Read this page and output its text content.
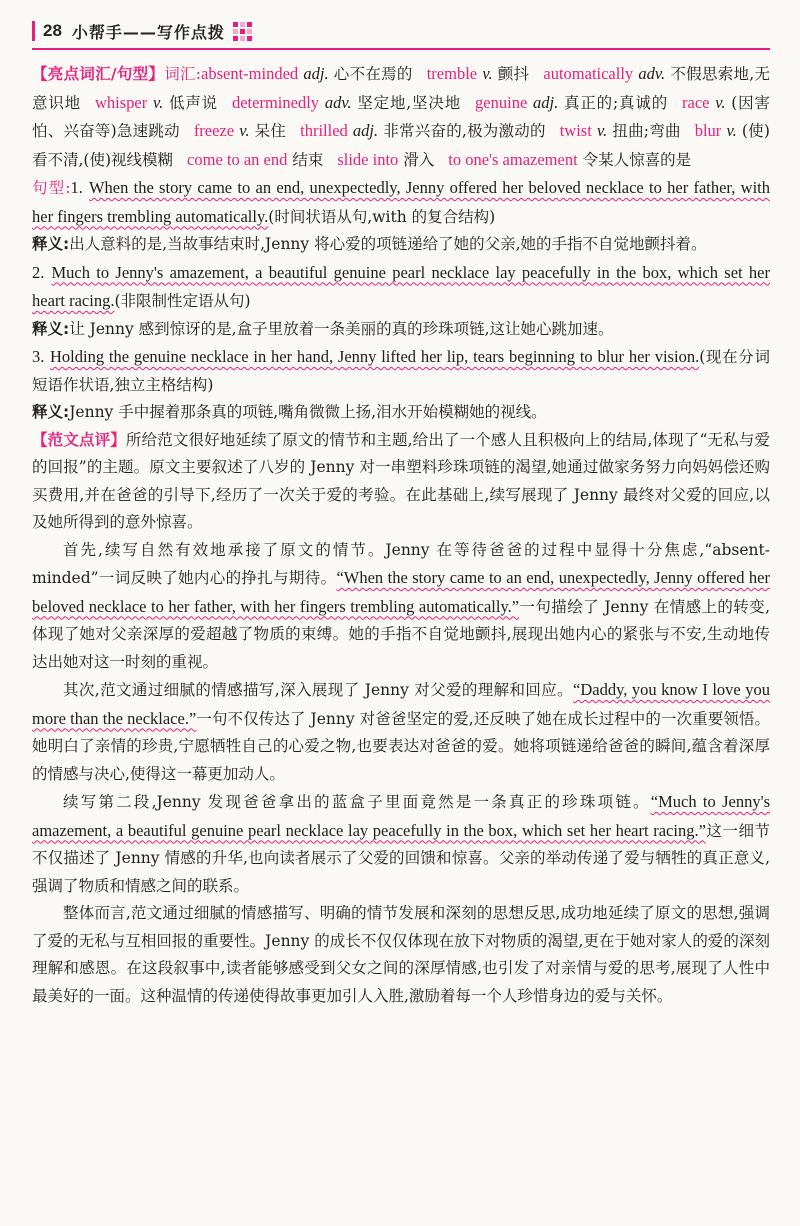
28 小帮手——写作点拨

【亮点词汇/句型】词汇:absent-minded adj. 心不在焉的 tremble v. 颤抖 automatically adv. 不假思索地,无意识地 whisper v. 低声说 determinedly adv. 坚定地,坚决地 genuine adj. 真正的;真诚的 race v. (因害怕、兴奋等)急速跳动 freeze v. 呆住 thrilled adj. 非常兴奋的,极为激动的 twist v. 扭曲;弯曲 blur v. (使)看不清,(使)视线模糊 come to an end 结束 slide into 滑入 to one's amazement 令某人惊喜的是

句型:1. When the story came to an end, unexpectedly, Jenny offered her beloved necklace to her father, with her fingers trembling automatically.(时间状语从句,with 的复合结构)

释义:出人意料的是,当故事结束时,Jenny 将心爱的项链递给了她的父亲,她的手指不自觉地颤抖着。

2. Much to Jenny's amazement, a beautiful genuine pearl necklace lay peacefully in the box, which set her heart racing.(非限制性定语从句)

释义:让 Jenny 感到惊讶的是,盒子里放着一条美丽的真的珍珠项链,这让她心跳加速。

3. Holding the genuine necklace in her hand, Jenny lifted her lip, tears beginning to blur her vision.(现在分词短语作状语,独立主格结构)

释义:Jenny 手中握着那条真的项链,嘴角微微上扬,泪水开始模糊她的视线。

【范文点评】所给范文很好地延续了原文的情节和主题,给出了一个感人且积极向上的结局,体现了“无私与爱的回报”的主题。原文主要叙述了八岁的 Jenny 对一串塑料珍珠项链的渴望,她通过做家务努力向妈妈偿还购买费用,并在爸爸的引导下,经历了一次关于爱的考验。在此基础上,续写展现了 Jenny 最终对父爱的回应,以及她所得到的意外惊喜。

首先,续写自然有效地承接了原文的情节。Jenny 在等待爸爸的过程中显得十分焦虑,“absent-minded”一词反映了她内心的挣扎与期待。“When the story came to an end, unexpectedly, Jenny offered her beloved necklace to her father, with her fingers trembling automatically.”一句描绘了 Jenny 在情感上的转变,体现了她对父亲深厚的爱超越了物质的束缚。她的手指不自觉地颤抖,展现出她内心的紧张与不安,生动地传达出她对这一时刻的重视。

其次,范文通过细腻的情感描写,深入展现了 Jenny 对父爱的理解和回应。“Daddy, you know I love you more than the necklace.”一句不仅传达了 Jenny 对爸爸坚定的爱,还反映了她在成长过程中的一次重要领悟。她明白了亲情的珍贵,宁愿牺牲自己的心爱之物,也要表达对爸爸的爱。她将项链递给爸爸的瞬间,蕴含着深厚的情感与决心,使得这一幕更加动人。

续写第二段,Jenny 发现爸爸拿出的蓝盒子里面竟然是一条真正的珍珠项链。“Much to Jenny's amazement, a beautiful genuine pearl necklace lay peacefully in the box, which set her heart racing.”这一细节不仅描述了 Jenny 情感的升华,也向读者展示了父爱的回馈和惊喜。父亲的举动传递了爱与牺牲的真正意义,强调了物质和情感之间的联系。

整体而言,范文通过细腻的情感描写、明确的情节发展和深刻的思想反思,成功地延续了原文的思想,强调了爱的无私与互相回报的重要性。Jenny 的成长不仅仅体现在放下对物质的渴望,更在于她对家人的爱的深刻理解和感恩。在这段叙事中,读者能够感受到父女之间的深厚情感,也引发了对亲情与爱的思考,展现了人性中最美好的一面。这种温情的传递使得故事更加引人入胜,激励着每一个人珍惜身边的爱与关怀。
